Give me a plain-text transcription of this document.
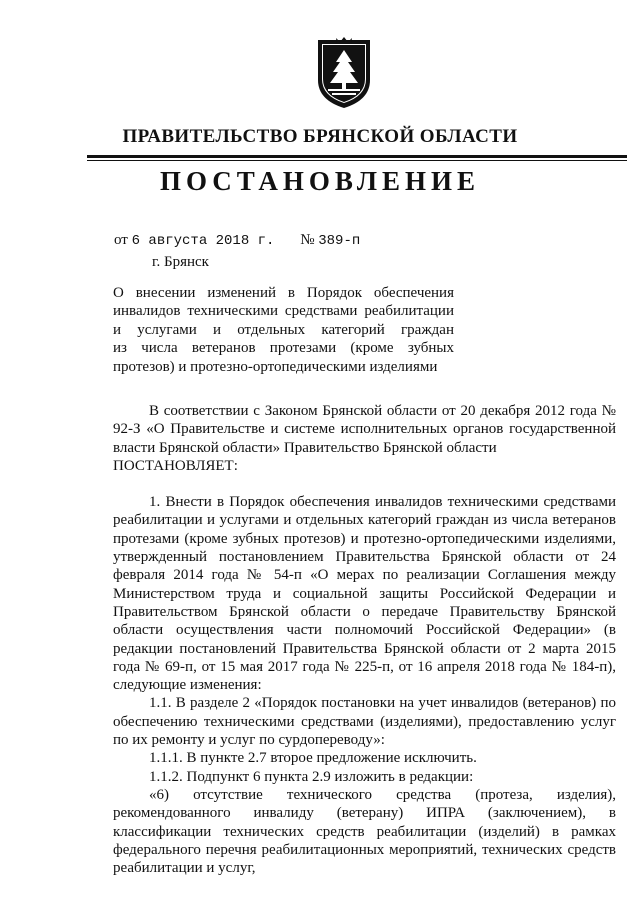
ПРАВИТЕЛЬСТВО БРЯНСКОЙ ОБЛАСТИ
ПОСТАНОВЛЕНИЕ
от 6 августа 2018 г. № 389-п
г. Брянск
О внесении изменений в Порядок обеспечения
инвалидов техническими средствами реабилитации
и услугами и отдельных категорий граждан
из числа ветеранов протезами (кроме зубных
протезов) и протезно-ортопедическими изделиями

В соответствии с Законом Брянской области от 20 декабря 2012 года № 92-З «О Правительстве и системе исполнительных органов государственной власти Брянской области» Правительство Брянской области

ПОСТАНОВЛЯЕТ:

1. Внести в Порядок обеспечения инвалидов техническими средствами реабилитации и услугами и отдельных категорий граждан из числа ветеранов протезами (кроме зубных протезов) и протезно-ортопедическими изделиями, утвержденный постановлением Правительства Брянской области от 24 февраля 2014 года № 54-п «О мерах по реализации Соглашения между Министерством труда и социальной защиты Российской Федерации и Правительством Брянской области о передаче Правительству Брянской области осуществления части полномочий Российской Федерации» (в редакции постановлений Правительства Брянской области от 2 марта 2015 года № 69-п, от 15 мая 2017 года № 225-п, от 16 апреля 2018 года № 184-п), следующие изменения:

1.1. В разделе 2 «Порядок постановки на учет инвалидов (ветеранов) по обеспечению техническими средствами (изделиями), предоставлению услуг по их ремонту и услуг по сурдопереводу»:

1.1.1. В пункте 2.7 второе предложение исключить.

1.1.2. Подпункт 6 пункта 2.9 изложить в редакции:

«6) отсутствие технического средства (протеза, изделия), рекомендованного инвалиду (ветерану) ИПРА (заключением), в классификации технических средств реабилитации (изделий) в рамках федерального перечня реабилитационных мероприятий, технических средств реабилитации и услуг,
